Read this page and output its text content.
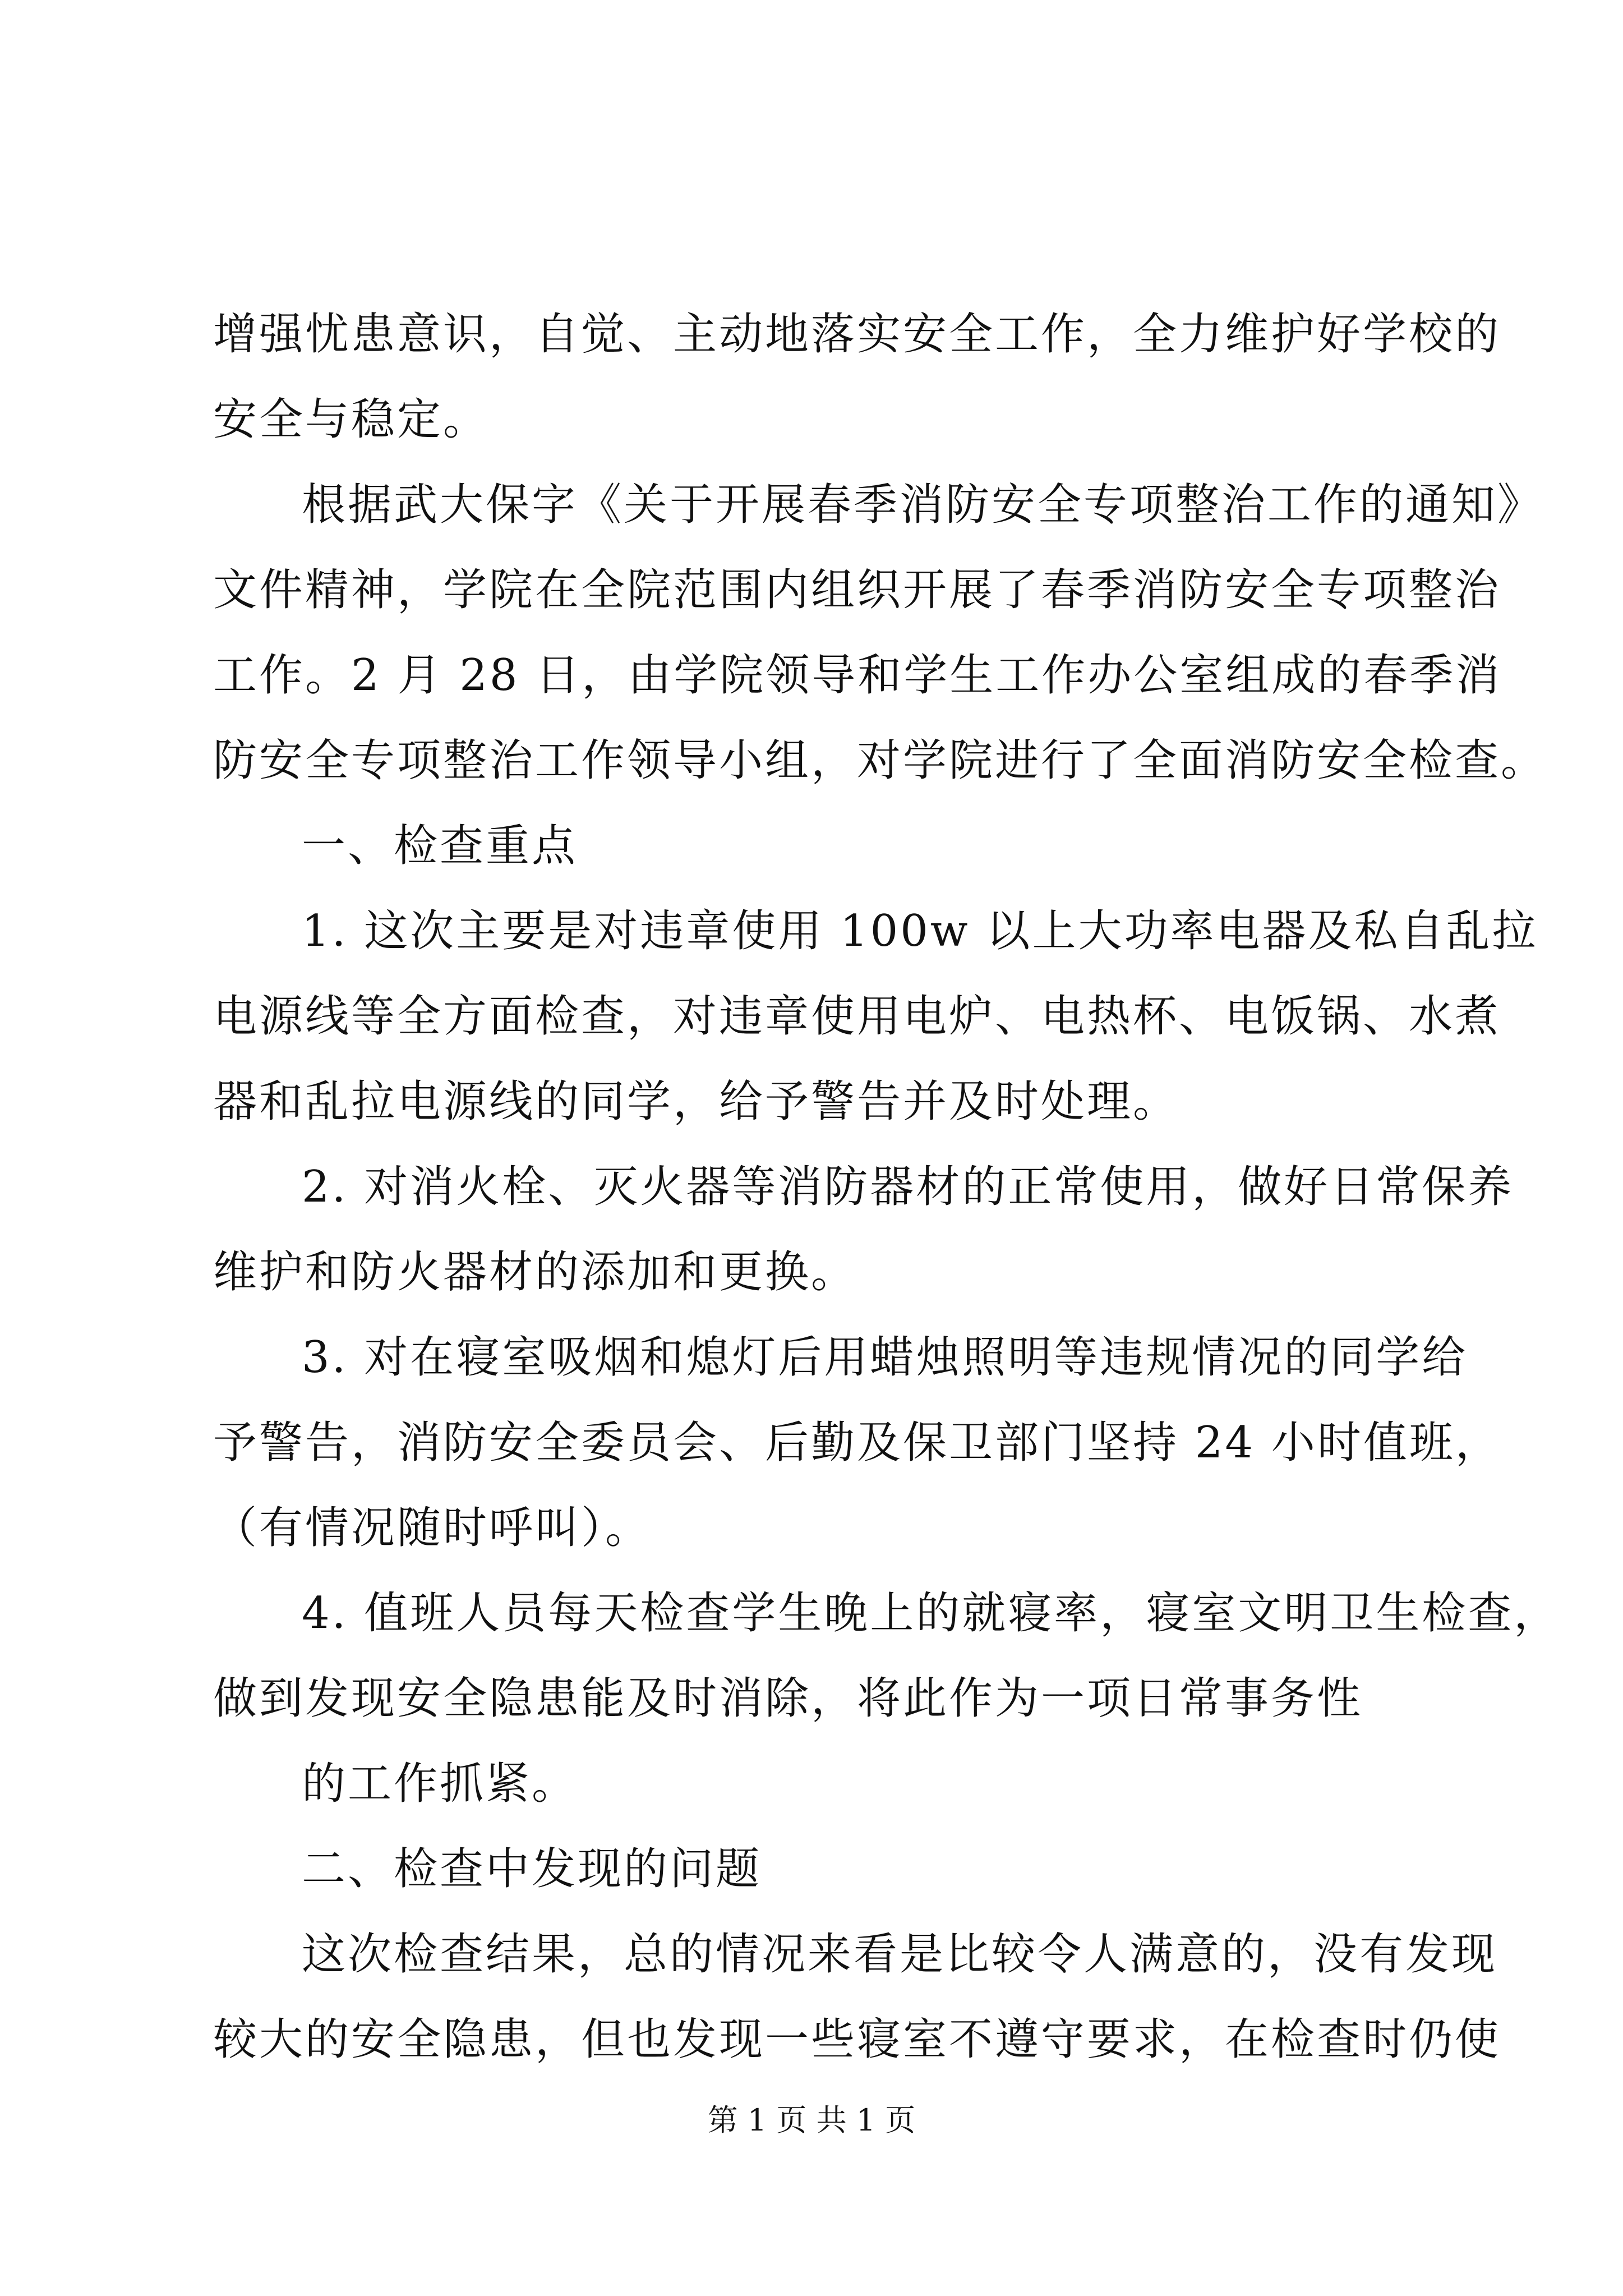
增强忧患意识，自觉、主动地落实安全工作，全力维护好学校的
安全与稳定。
根据武大保字《关于开展春季消防安全专项整治工作的通知》
文件精神，学院在全院范围内组织开展了春季消防安全专项整治
工作。2 月 28 日，由学院领导和学生工作办公室组成的春季消
防安全专项整治工作领导小组，对学院进行了全面消防安全检查。
一、检查重点
1. 这次主要是对违章使用 100w 以上大功率电器及私自乱拉
电源线等全方面检查，对违章使用电炉、电热杯、电饭锅、水煮
器和乱拉电源线的同学，给予警告并及时处理。
2. 对消火栓、灭火器等消防器材的正常使用，做好日常保养
维护和防火器材的添加和更换。
3. 对在寝室吸烟和熄灯后用蜡烛照明等违规情况的同学给
予警告，消防安全委员会、后勤及保卫部门坚持 24 小时值班，
（有情况随时呼叫）。
4. 值班人员每天检查学生晚上的就寝率，寝室文明卫生检查，
做到发现安全隐患能及时消除，将此作为一项日常事务性
的工作抓紧。
二、检查中发现的问题
这次检查结果，总的情况来看是比较令人满意的，没有发现
较大的安全隐患，但也发现一些寝室不遵守要求，在检查时仍使
第 1 页 共 1 页
